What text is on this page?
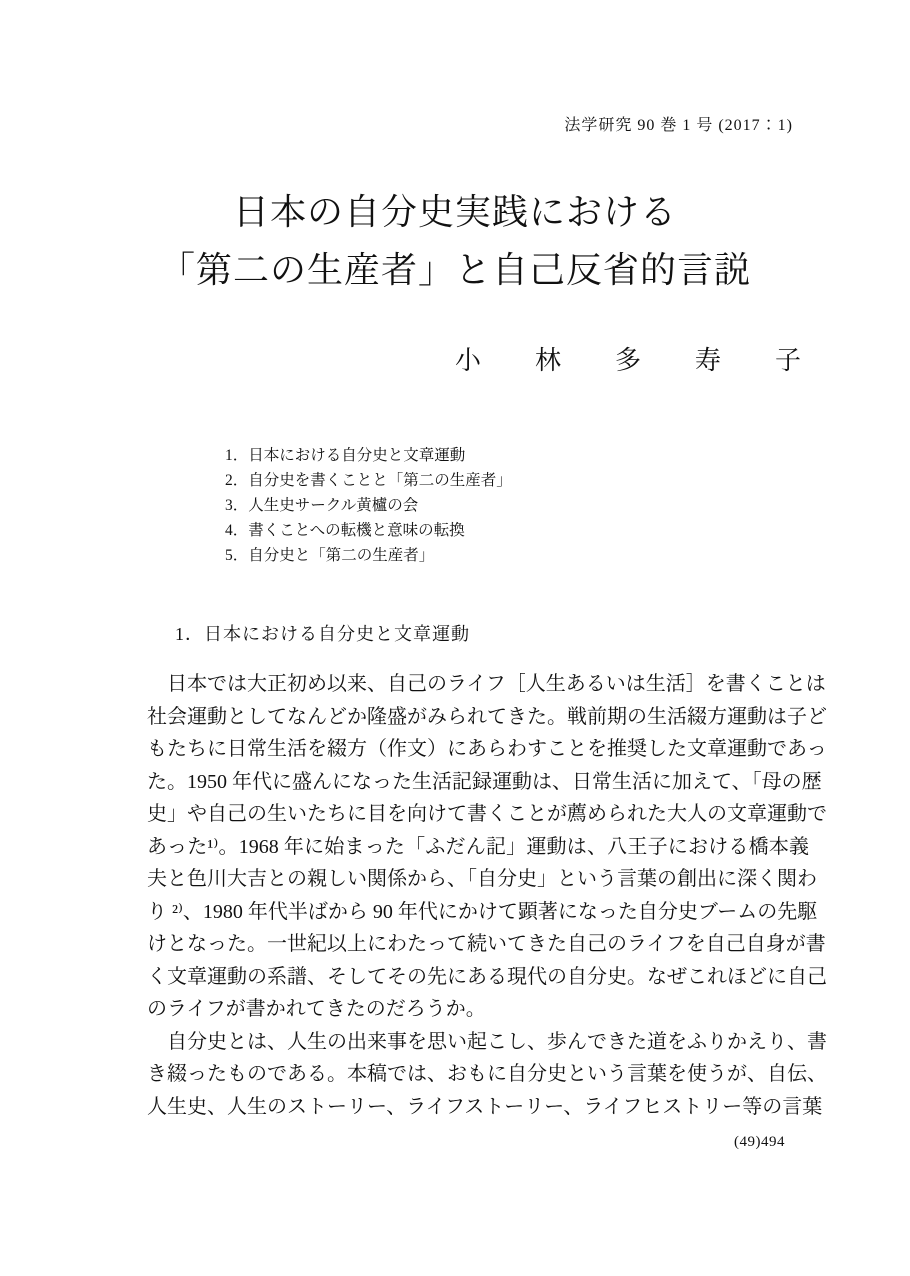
法学研究 90 巻 1 号 (2017：1)
日本の自分史実践における
「第二の生産者」と自己反省的言説
小　林　多　寿　子
1．日本における自分史と文章運動
2．自分史を書くことと「第二の生産者」
3．人生史サークル黄櫨の会
4．書くことへの転機と意味の転換
5．自分史と「第二の生産者」
1．日本における自分史と文章運動
　日本では大正初め以来、自己のライフ［人生あるいは生活］を書くことは
社会運動としてなんどか隆盛がみられてきた。戦前期の生活綴方運動は子ど
もたちに日常生活を綴方（作文）にあらわすことを推奨した文章運動であっ
た。1950 年代に盛んになった生活記録運動は、日常生活に加えて、「母の歴
史」や自己の生いたちに目を向けて書くことが薦められた大人の文章運動で
あった¹⁾。1968 年に始まった「ふだん記」運動は、八王子における橋本義
夫と色川大吉との親しい関係から、「自分史」という言葉の創出に深く関わ
り ²⁾、1980 年代半ばから 90 年代にかけて顕著になった自分史ブームの先駆
けとなった。一世紀以上にわたって続いてきた自己のライフを自己自身が書
く文章運動の系譜、そしてその先にある現代の自分史。なぜこれほどに自己
のライフが書かれてきたのだろうか。
　自分史とは、人生の出来事を思い起こし、歩んできた道をふりかえり、書
き綴ったものである。本稿では、おもに自分史という言葉を使うが、自伝、
人生史、人生のストーリー、ライフストーリー、ライフヒストリー等の言葉
(49)494
